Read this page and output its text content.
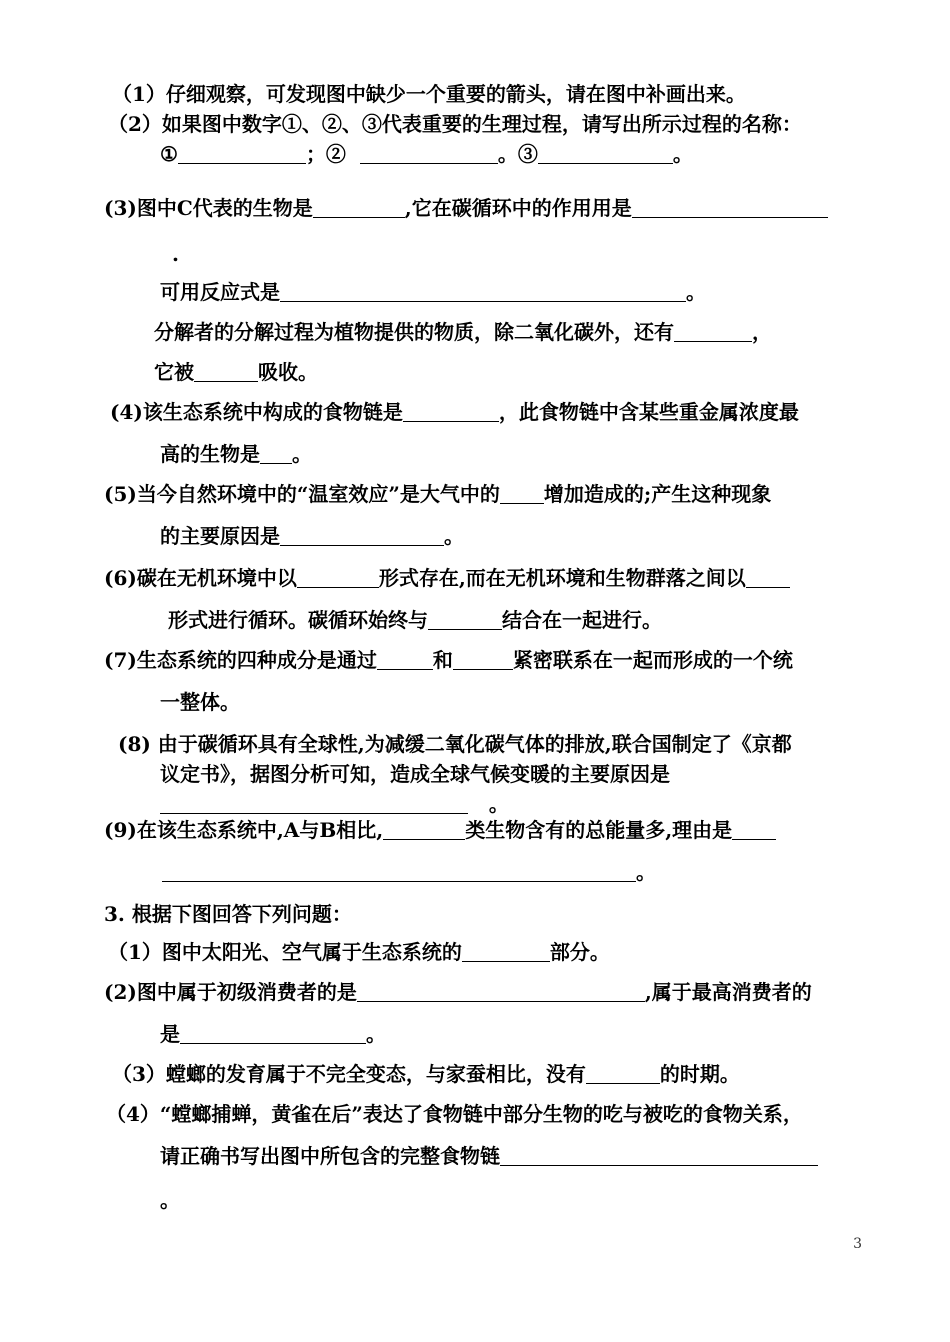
（1）仔细观察，可发现图中缺少一个重要的箭头，请在图中补画出来。
（2）如果图中数字①、②、③代表重要的生理过程，请写出所示过程的名称：
①	；②	。③	。
(3)图中C代表的生物是	,它在碳循环中的作用用是
.
可用反应式是	。
分解者的分解过程为植物提供的物质，除二氧化碳外，还有	，
它被	吸收。
(4)该生态系统中构成的食物链是	，此食物链中含某些重金属浓度最
高的生物是 。
(5)当今自然环境中的“温室效应”是大气中的 增加造成的;产生这种现象
的主要原因是	。
(6)碳在无机环境中以	形式存在,而在无机环境和生物群落之间以
形式进行循环。碳循环始终与	结合在一起进行。
(7)生态系统的四种成分是通过	和	紧密联系在一起而形成的一个统
一整体。
(8) 由于碳循环具有全球性,为减缓二氧化碳气体的排放,联合国制定了《京都
议定书》，据图分析可知，造成全球气候变暖的主要原因是
。
(9)在该生态系统中,A与B相比,	类生物含有的总能量多,理由是
。
3. 根据下图回答下列问题：
（1）图中太阳光、空气属于生态系统的	部分。
(2)图中属于初级消费者的是	,属于最高消费者的
是	。
（3）螳螂的发育属于不完全变态，与家蚕相比，没有	的时期。
（4）“螳螂捕蝉，黄雀在后”表达了食物链中部分生物的吃与被吃的食物关系，
请正确书写出图中所包含的完整食物链
。
3
